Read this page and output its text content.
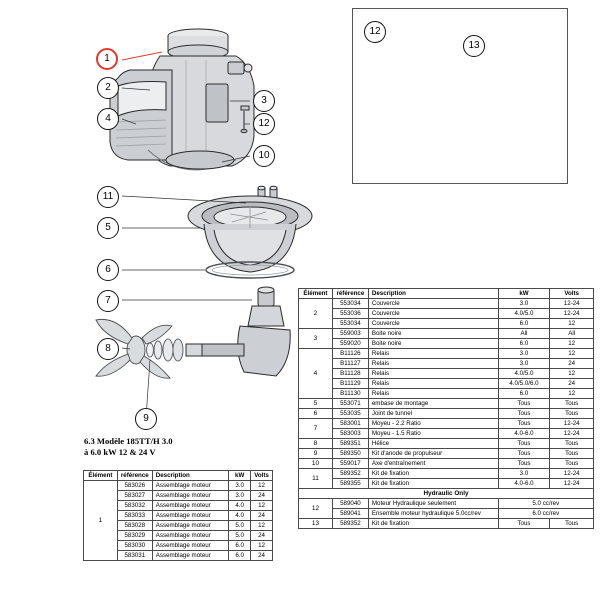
1
2
3
4	12
10
11
5
6
7
8
9
12
13
6.3 Modèle 185TT/H 3.0
à 6.0 kW 12 & 24 V
Élément	référence	Description	kW	Volts
2	553034	Couvercle	3.0	12-24
	553036	Couvercle	4.0/5.0	12-24
	553034	Couvercle	6.0	12
3	559003	Boite noire	All	All
	559020	Boite noire	6.0	12
4	B11126	Relais	3.0	12
	B11127	Relais	3.0	24
	B11128	Relais	4.0/5.0	12
	B11129	Relais	4.0/5.0/6.0	24
	B11130	Relais	6.0	12
5	553071	embase de montage	Tous	Tous
6	553035	Joint de tunnel	Tous	Tous
7	583001	Moyeu - 2.2 Ratio	Tous	12-24
	583003	Moyeu - 1.5 Ratio	4.0-6.0	12-24
8	589351	Hélice	Tous	Tous
9	589350	Kit d'anode de propulseur	Tous	Tous
10	559017	Axe d'entraînement	Tous	Tous
11	589352	Kit de fixation	3.0	12-24
	589355	Kit de fixation	4.0-6.0	12-24
Hydraulic Only				
12	589040	Moteur Hydraulique seulement	5.0 cc/rev	
	589041	Ensemble moteur hydraulique 5.0cc/rev	6.0 cc/rev	
13	589352	Kit de fixation	Tous	Tous
Élément	référence	Description	kW	Volts
1	583026	Assemblage moteur	3.0	12
	583027	Assemblage moteur	3.0	24
	583032	Assemblage moteur	4.0	12
	583033	Assemblage moteur	4.0	24
	583028	Assemblage moteur	5.0	12
	583029	Assemblage moteur	5.0	24
	583030	Assemblage moteur	6.0	12
	583031	Assemblage moteur	6.0	24
